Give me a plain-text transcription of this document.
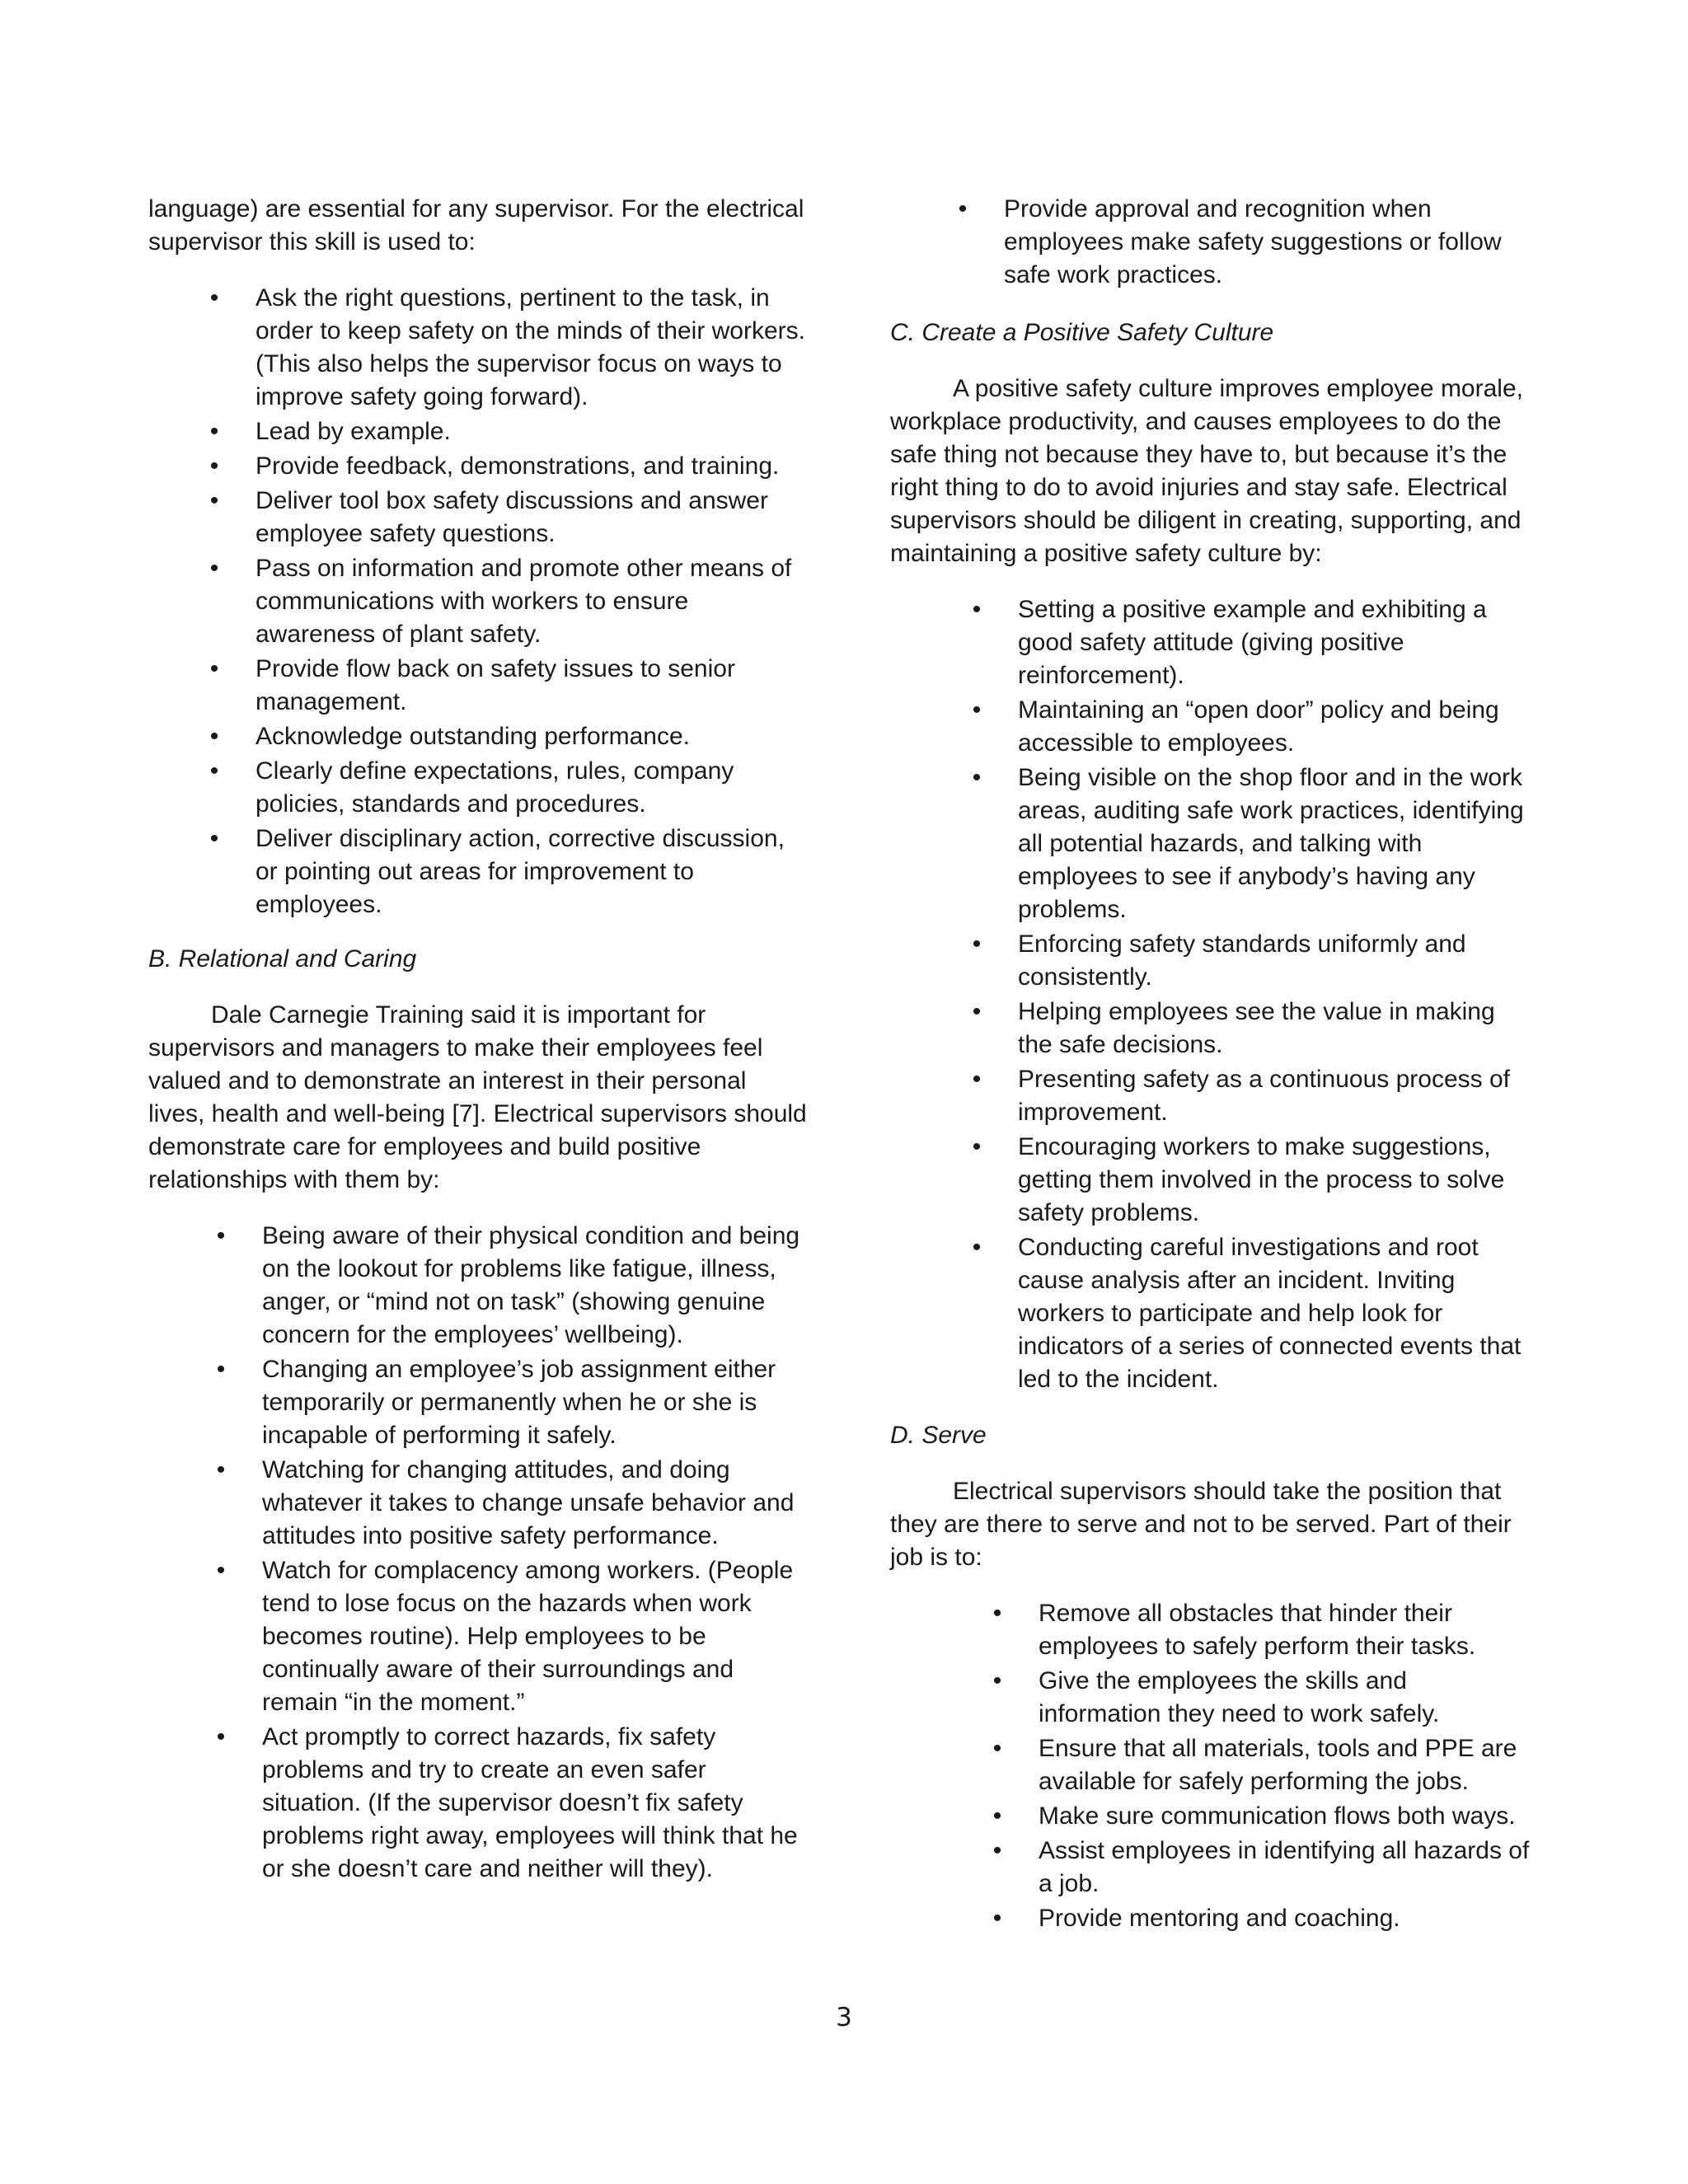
language) are essential for any supervisor. For the electrical supervisor this skill is used to:

• Ask the right questions, pertinent to the task, in order to keep safety on the minds of their workers. (This also helps the supervisor focus on ways to improve safety going forward).
• Lead by example.
• Provide feedback, demonstrations, and training.
• Deliver tool box safety discussions and answer employee safety questions.
• Pass on information and promote other means of communications with workers to ensure awareness of plant safety.
• Provide flow back on safety issues to senior management.
• Acknowledge outstanding performance.
• Clearly define expectations, rules, company policies, standards and procedures.
• Deliver disciplinary action, corrective discussion, or pointing out areas for improvement to employees.

B. Relational and Caring

Dale Carnegie Training said it is important for supervisors and managers to make their employees feel valued and to demonstrate an interest in their personal lives, health and well-being [7]. Electrical supervisors should demonstrate care for employees and build positive relationships with them by:

• Being aware of their physical condition and being on the lookout for problems like fatigue, illness, anger, or “mind not on task” (showing genuine concern for the employees’ wellbeing).
• Changing an employee’s job assignment either temporarily or permanently when he or she is incapable of performing it safely.
• Watching for changing attitudes, and doing whatever it takes to change unsafe behavior and attitudes into positive safety performance.
• Watch for complacency among workers. (People tend to lose focus on the hazards when work becomes routine). Help employees to be continually aware of their surroundings and remain “in the moment.”
• Act promptly to correct hazards, fix safety problems and try to create an even safer situation. (If the supervisor doesn’t fix safety problems right away, employees will think that he or she doesn’t care and neither will they).
• Provide approval and recognition when employees make safety suggestions or follow safe work practices.

C. Create a Positive Safety Culture

A positive safety culture improves employee morale, workplace productivity, and causes employees to do the safe thing not because they have to, but because it’s the right thing to do to avoid injuries and stay safe. Electrical supervisors should be diligent in creating, supporting, and maintaining a positive safety culture by:

• Setting a positive example and exhibiting a good safety attitude (giving positive reinforcement).
• Maintaining an “open door” policy and being accessible to employees.
• Being visible on the shop floor and in the work areas, auditing safe work practices, identifying all potential hazards, and talking with employees to see if anybody’s having any problems.
• Enforcing safety standards uniformly and consistently.
• Helping employees see the value in making the safe decisions.
• Presenting safety as a continuous process of improvement.
• Encouraging workers to make suggestions, getting them involved in the process to solve safety problems.
• Conducting careful investigations and root cause analysis after an incident. Inviting workers to participate and help look for indicators of a series of connected events that led to the incident.

D. Serve

Electrical supervisors should take the position that they are there to serve and not to be served. Part of their job is to:

• Remove all obstacles that hinder their employees to safely perform their tasks.
• Give the employees the skills and information they need to work safely.
• Ensure that all materials, tools and PPE are available for safely performing the jobs.
• Make sure communication flows both ways.
• Assist employees in identifying all hazards of a job.
• Provide mentoring and coaching.
3
